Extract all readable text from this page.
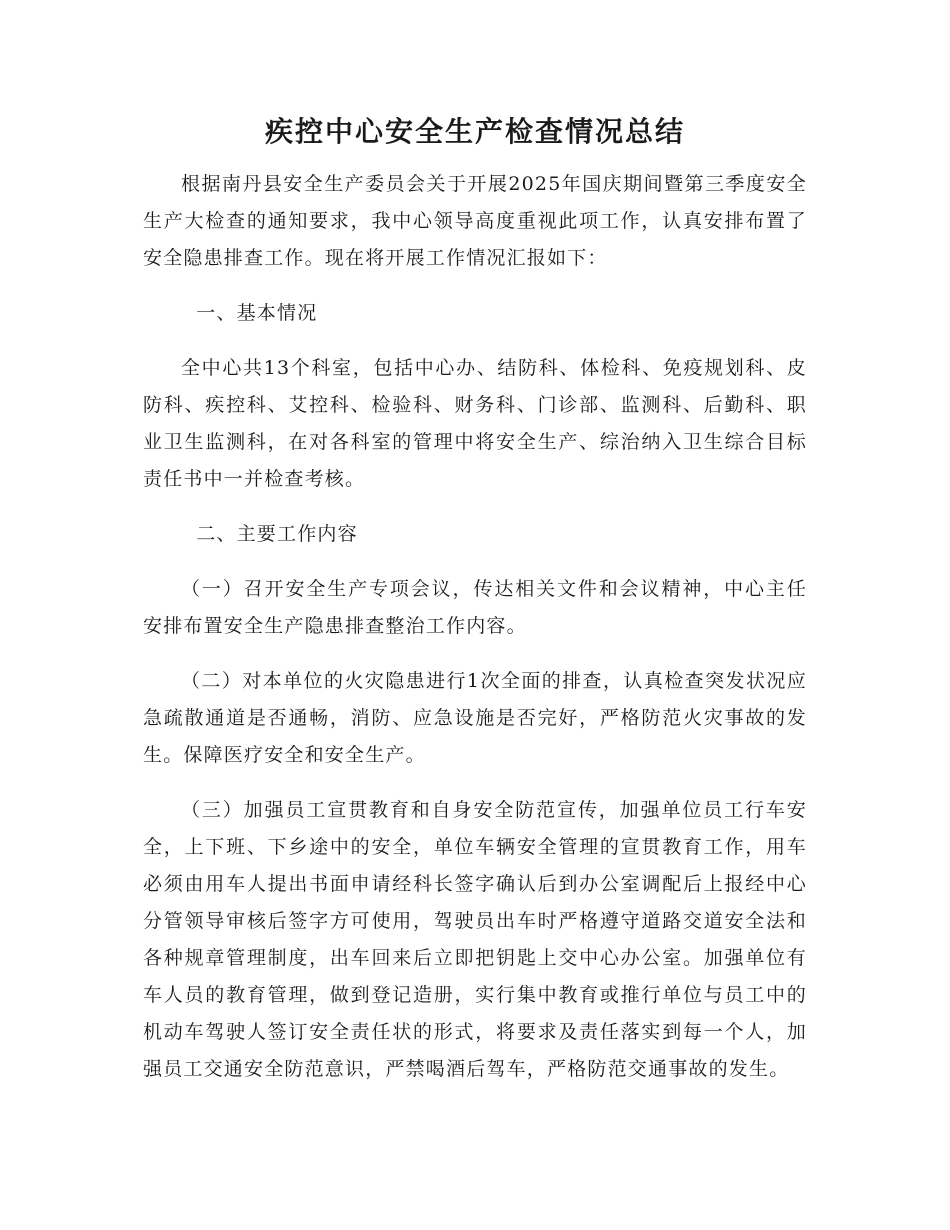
疾控中心安全生产检查情况总结

根据南丹县安全生产委员会关于开展2025年国庆期间暨第三季度安全生产大检查的通知要求，我中心领导高度重视此项工作，认真安排布置了安全隐患排查工作。现在将开展工作情况汇报如下：

一、基本情况

全中心共13个科室，包括中心办、结防科、体检科、免疫规划科、皮防科、疾控科、艾控科、检验科、财务科、门诊部、监测科、后勤科、职业卫生监测科，在对各科室的管理中将安全生产、综治纳入卫生综合目标责任书中一并检查考核。

二、主要工作内容

（一）召开安全生产专项会议，传达相关文件和会议精神，中心主任安排布置安全生产隐患排查整治工作内容。

（二）对本单位的火灾隐患进行1次全面的排查，认真检查突发状况应急疏散通道是否通畅，消防、应急设施是否完好，严格防范火灾事故的发生。保障医疗安全和安全生产。

（三）加强员工宣贯教育和自身安全防范宣传，加强单位员工行车安全，上下班、下乡途中的安全，单位车辆安全管理的宣贯教育工作，用车必须由用车人提出书面申请经科长签字确认后到办公室调配后上报经中心分管领导审核后签字方可使用，驾驶员出车时严格遵守道路交道安全法和各种规章管理制度，出车回来后立即把钥匙上交中心办公室。加强单位有车人员的教育管理，做到登记造册，实行集中教育或推行单位与员工中的机动车驾驶人签订安全责任状的形式，将要求及责任落实到每一个人，加强员工交通安全防范意识，严禁喝酒后驾车，严格防范交通事故的发生。
